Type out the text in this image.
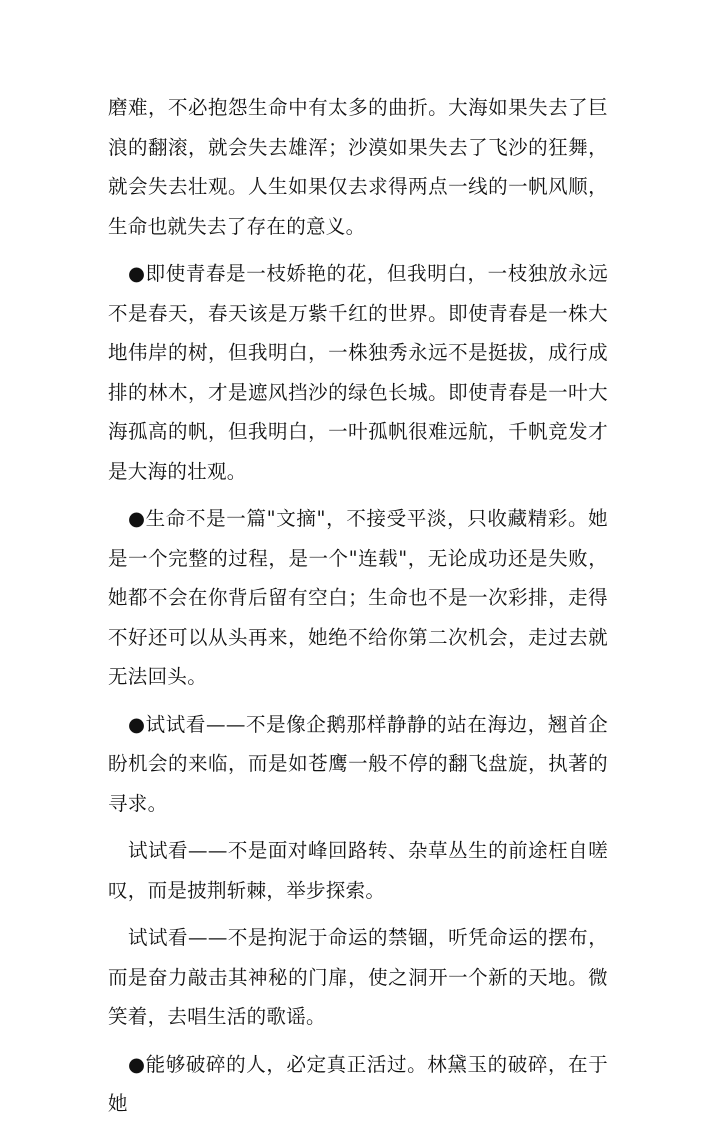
磨难，不必抱怨生命中有太多的曲折。大海如果失去了巨浪的翻滚，就会失去雄浑；沙漠如果失去了飞沙的狂舞，就会失去壮观。人生如果仅去求得两点一线的一帆风顺，生命也就失去了存在的意义。

●即使青春是一枝娇艳的花，但我明白，一枝独放永远不是春天，春天该是万紫千红的世界。即使青春是一株大地伟岸的树，但我明白，一株独秀永远不是挺拔，成行成排的林木，才是遮风挡沙的绿色长城。即使青春是一叶大海孤高的帆，但我明白，一叶孤帆很难远航，千帆竞发才是大海的壮观。

●生命不是一篇"文摘"，不接受平淡，只收藏精彩。她是一个完整的过程，是一个"连载"，无论成功还是失败，她都不会在你背后留有空白；生命也不是一次彩排，走得不好还可以从头再来，她绝不给你第二次机会，走过去就无法回头。

●试试看——不是像企鹅那样静静的站在海边，翘首企盼机会的来临，而是如苍鹰一般不停的翻飞盘旋，执著的寻求。

试试看——不是面对峰回路转、杂草丛生的前途枉自嗟叹，而是披荆斩棘，举步探索。

试试看——不是拘泥于命运的禁锢，听凭命运的摆布，而是奋力敲击其神秘的门扉，使之洞开一个新的天地。微笑着，去唱生活的歌谣。

●能够破碎的人，必定真正活过。林黛玉的破碎，在于她
